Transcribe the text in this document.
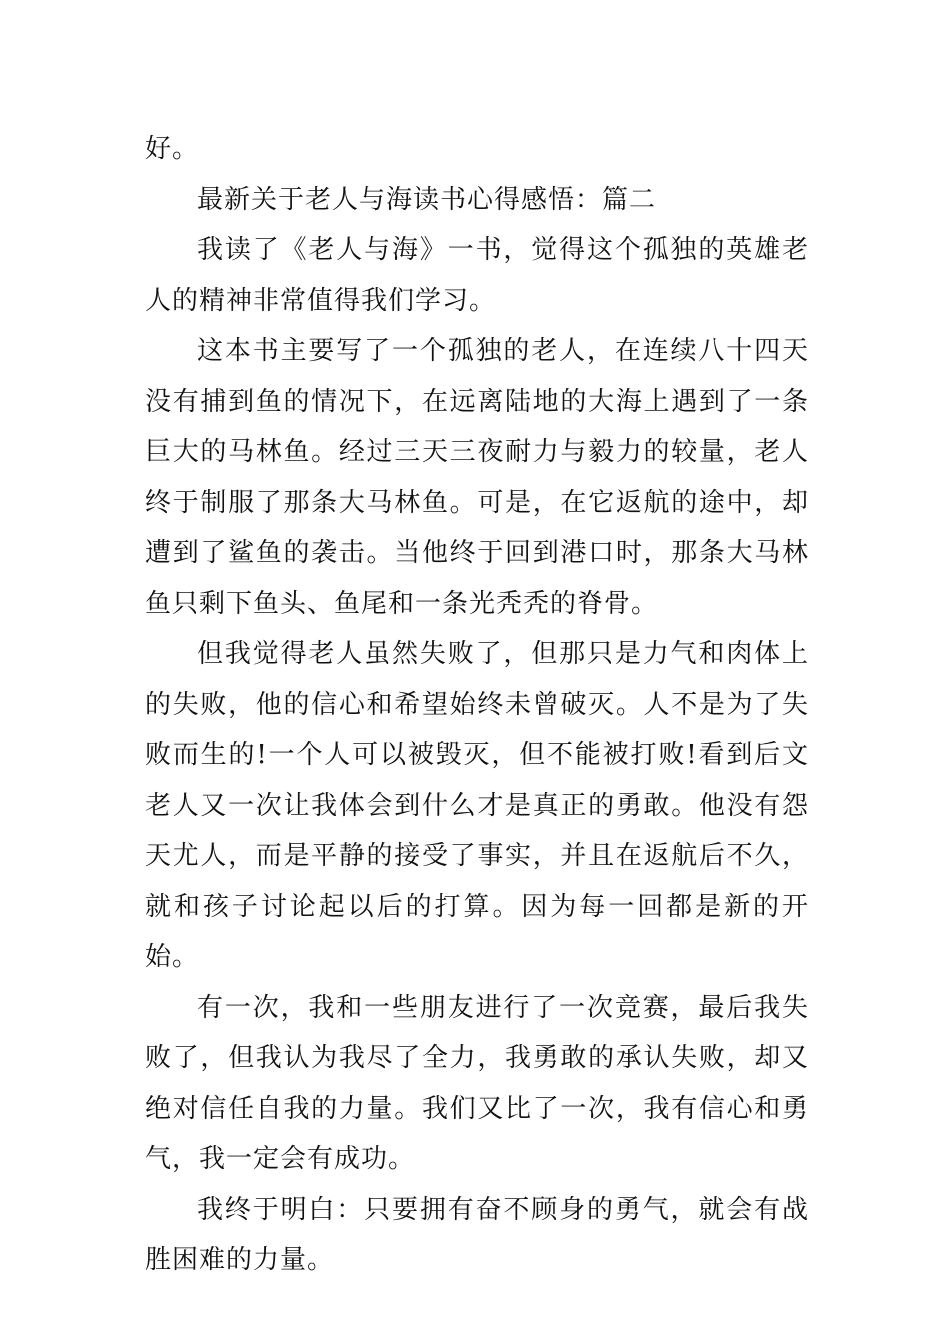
好。

最新关于老人与海读书心得感悟：篇二

我读了《老人与海》一书，觉得这个孤独的英雄老人的精神非常值得我们学习。

这本书主要写了一个孤独的老人，在连续八十四天没有捕到鱼的情况下，在远离陆地的大海上遇到了一条巨大的马林鱼。经过三天三夜耐力与毅力的较量，老人终于制服了那条大马林鱼。可是，在它返航的途中，却遭到了鲨鱼的袭击。当他终于回到港口时，那条大马林鱼只剩下鱼头、鱼尾和一条光秃秃的脊骨。

但我觉得老人虽然失败了，但那只是力气和肉体上的失败，他的信心和希望始终未曾破灭。人不是为了失败而生的!一个人可以被毁灭，但不能被打败!看到后文老人又一次让我体会到什么才是真正的勇敢。他没有怨天尤人，而是平静的接受了事实，并且在返航后不久，就和孩子讨论起以后的打算。因为每一回都是新的开始。

有一次，我和一些朋友进行了一次竞赛，最后我失败了，但我认为我尽了全力，我勇敢的承认失败，却又绝对信任自我的力量。我们又比了一次，我有信心和勇气，我一定会有成功。

我终于明白：只要拥有奋不顾身的勇气，就会有战胜困难的力量。
